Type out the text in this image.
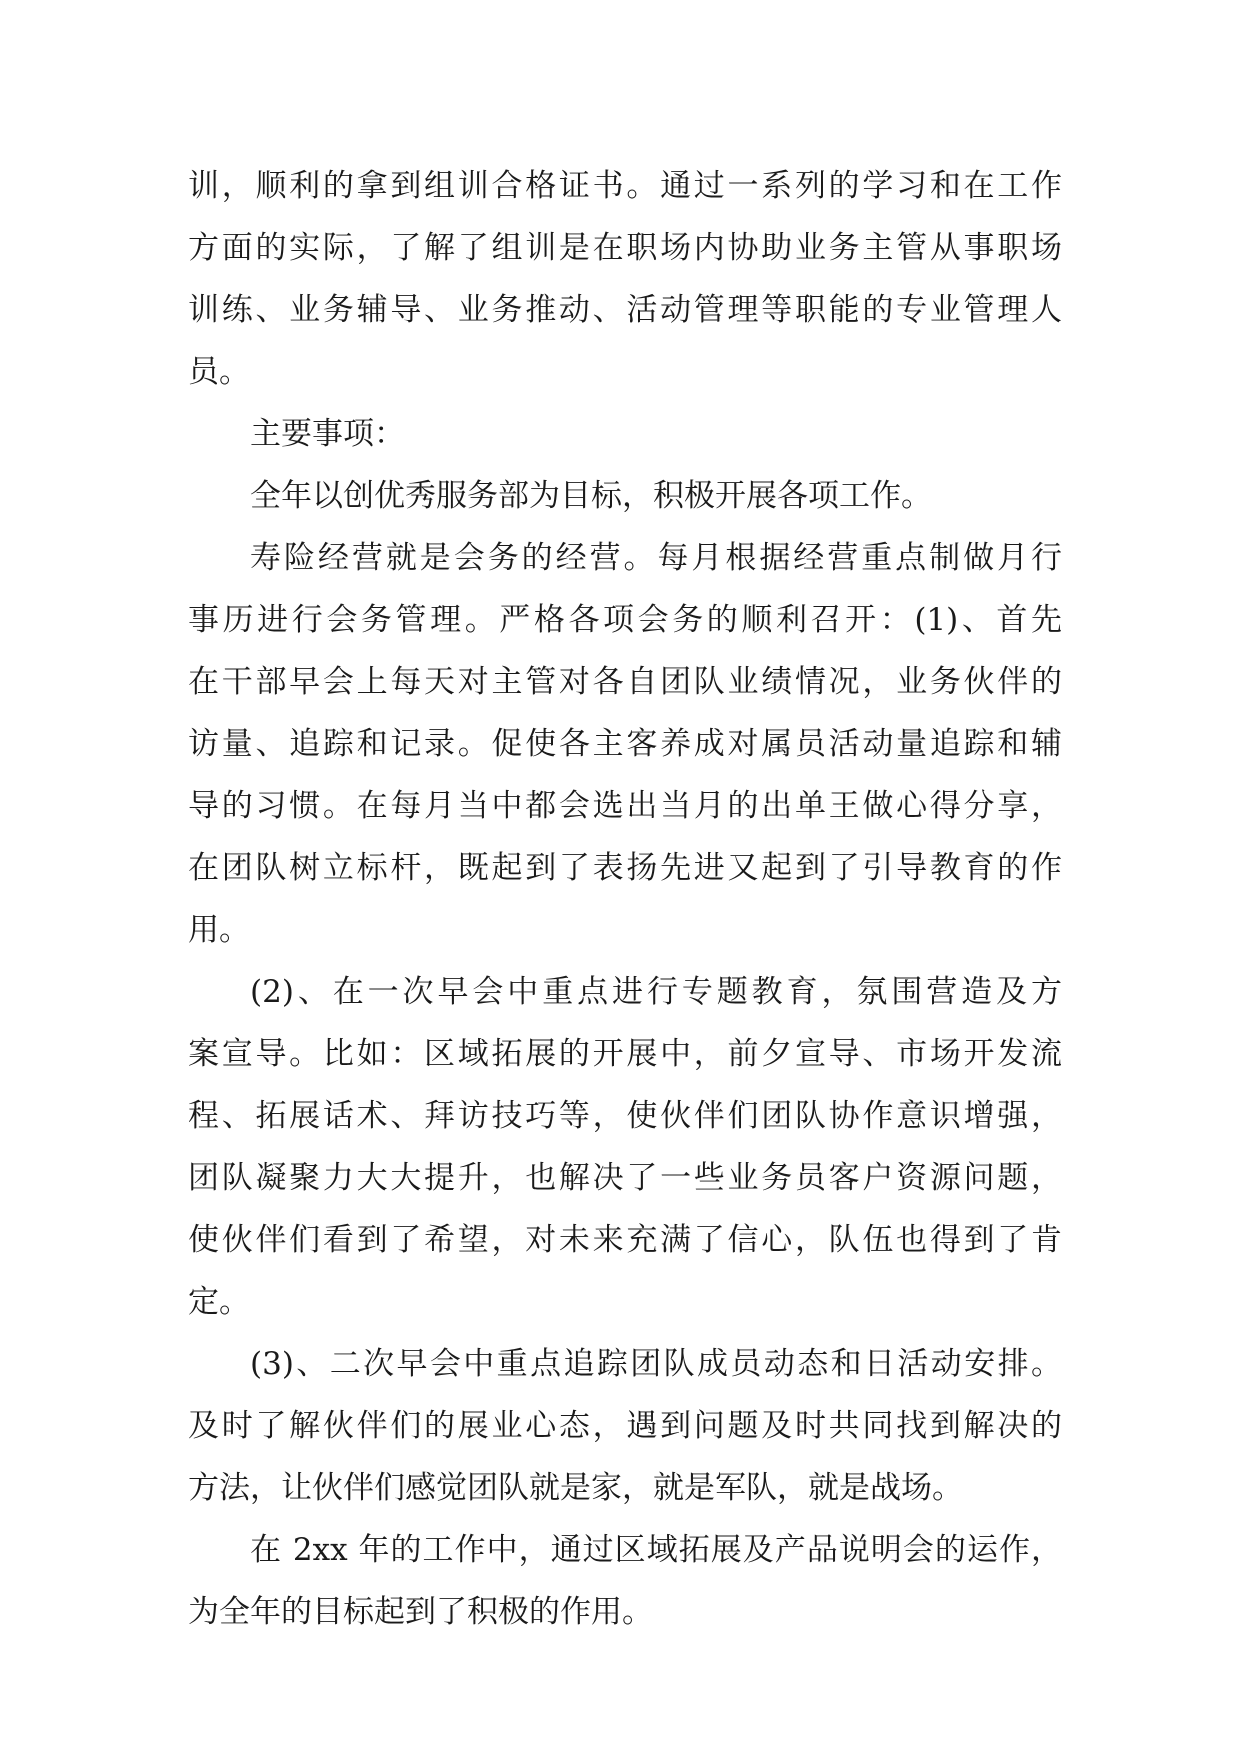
训，顺利的拿到组训合格证书。通过一系列的学习和在工作
方面的实际，了解了组训是在职场内协助业务主管从事职场
训练、业务辅导、业务推动、活动管理等职能的专业管理人
员。
主要事项：
全年以创优秀服务部为目标，积极开展各项工作。
寿险经营就是会务的经营。每月根据经营重点制做月行
事历进行会务管理。严格各项会务的顺利召开：(1)、首先
在干部早会上每天对主管对各自团队业绩情况，业务伙伴的
访量、追踪和记录。促使各主客养成对属员活动量追踪和辅
导的习惯。在每月当中都会选出当月的出单王做心得分享，
在团队树立标杆，既起到了表扬先进又起到了引导教育的作
用。
(2)、在一次早会中重点进行专题教育，氛围营造及方
案宣导。比如：区域拓展的开展中，前夕宣导、市场开发流
程、拓展话术、拜访技巧等，使伙伴们团队协作意识增强，
团队凝聚力大大提升，也解决了一些业务员客户资源问题，
使伙伴们看到了希望，对未来充满了信心，队伍也得到了肯
定。
(3)、二次早会中重点追踪团队成员动态和日活动安排。
及时了解伙伴们的展业心态，遇到问题及时共同找到解决的
方法，让伙伴们感觉团队就是家，就是军队，就是战场。
在 2xx 年的工作中，通过区域拓展及产品说明会的运作，
为全年的目标起到了积极的作用。
